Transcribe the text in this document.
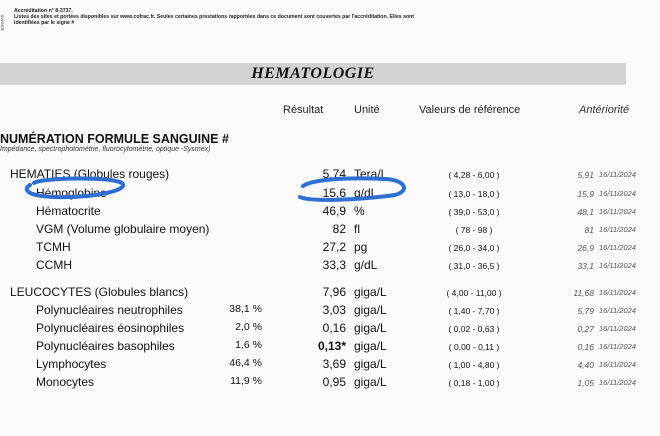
ESSAIS
Accréditation n° 8-3737.
Listes des sites et portées disponibles sur www.cofrac.fr. Seules certaines prestations rapportées dans ce document sont couvertes par l'accréditation. Elles sont
identifiées par le signe #
HEMATOLOGIE
Résultat	Unité	Valeurs de référence	Antériorité
NUMÉRATION FORMULE SANGUINE #
Impédance, spectrophotométrie, fluorocytométrie, optique -Sysmex)
HEMATIES (Globules rouges)	5,74 Tera/L	( 4,28 - 6,00 )	5,91 16/11/2024
Hémoglobine	15,6 g/dL	( 13,0 - 18,0 )	15,9 16/11/2024
Hématocrite	46,9 %	( 39,0 - 53,0 )	48,1 16/11/2024
VGM (Volume globulaire moyen)	82 fl	( 78 - 98 )	81 16/11/2024
TCMH	27,2 pg	( 26,0 - 34,0 )	26,9 16/11/2024
CCMH	33,3 g/dL	( 31,0 - 36,5 )	33,1 16/11/2024
LEUCOCYTES (Globules blancs)	7,96 giga/L	( 4,00 - 11,00 )	11,68 16/11/2024
Polynucléaires neutrophiles	38,1 %	3,03 giga/L	( 1,40 - 7,70 )	5,79 16/11/2024
Polynucléaires éosinophiles	2,0 %	0,16 giga/L	( 0,02 - 0,63 )	0,27 16/11/2024
Polynucléaires basophiles	1,6 %	0,13* giga/L	( 0,00 - 0,11 )	0,16 16/11/2024
Lymphocytes	46,4 %	3,69 giga/L	( 1,00 - 4,80 )	4,40 16/11/2024
Monocytes	11,9 %	0,95 giga/L	( 0,18 - 1,00 )	1,05 16/11/2024
